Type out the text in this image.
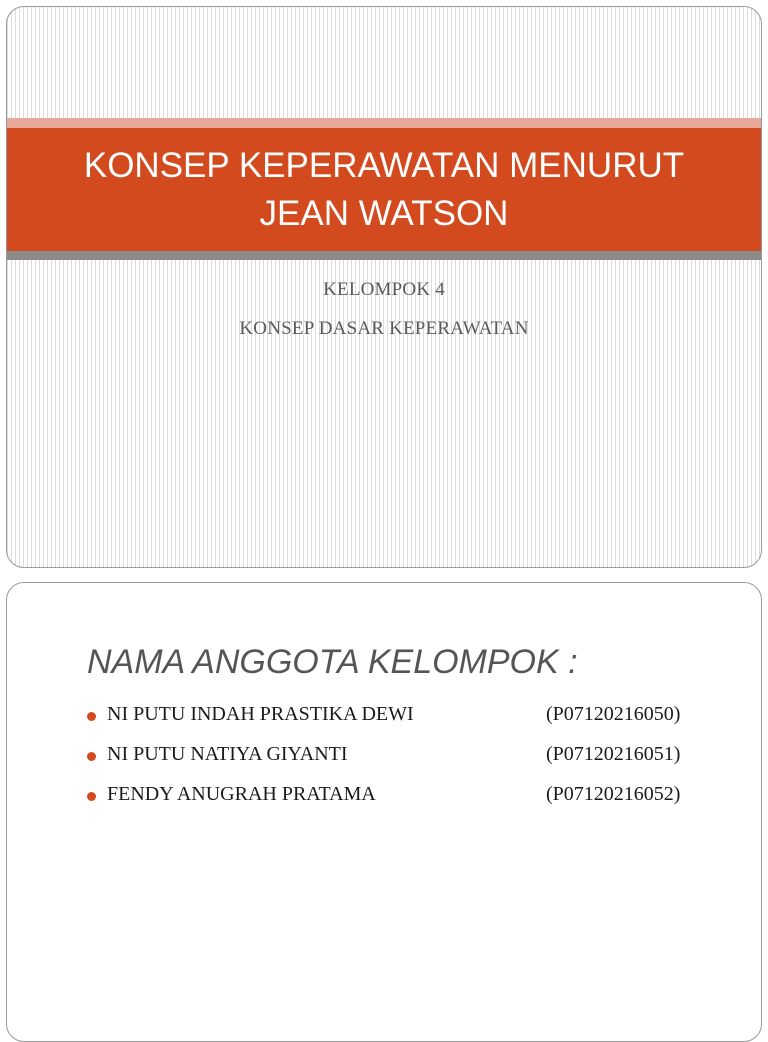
KONSEP KEPERAWATAN MENURUT
JEAN WATSON
KELOMPOK 4
KONSEP DASAR KEPERAWATAN
NAMA ANGGOTA KELOMPOK :
NI PUTU INDAH PRASTIKA DEWI	(P07120216050)
NI PUTU NATIYA GIYANTI	(P07120216051)
FENDY ANUGRAH PRATAMA	(P07120216052)
